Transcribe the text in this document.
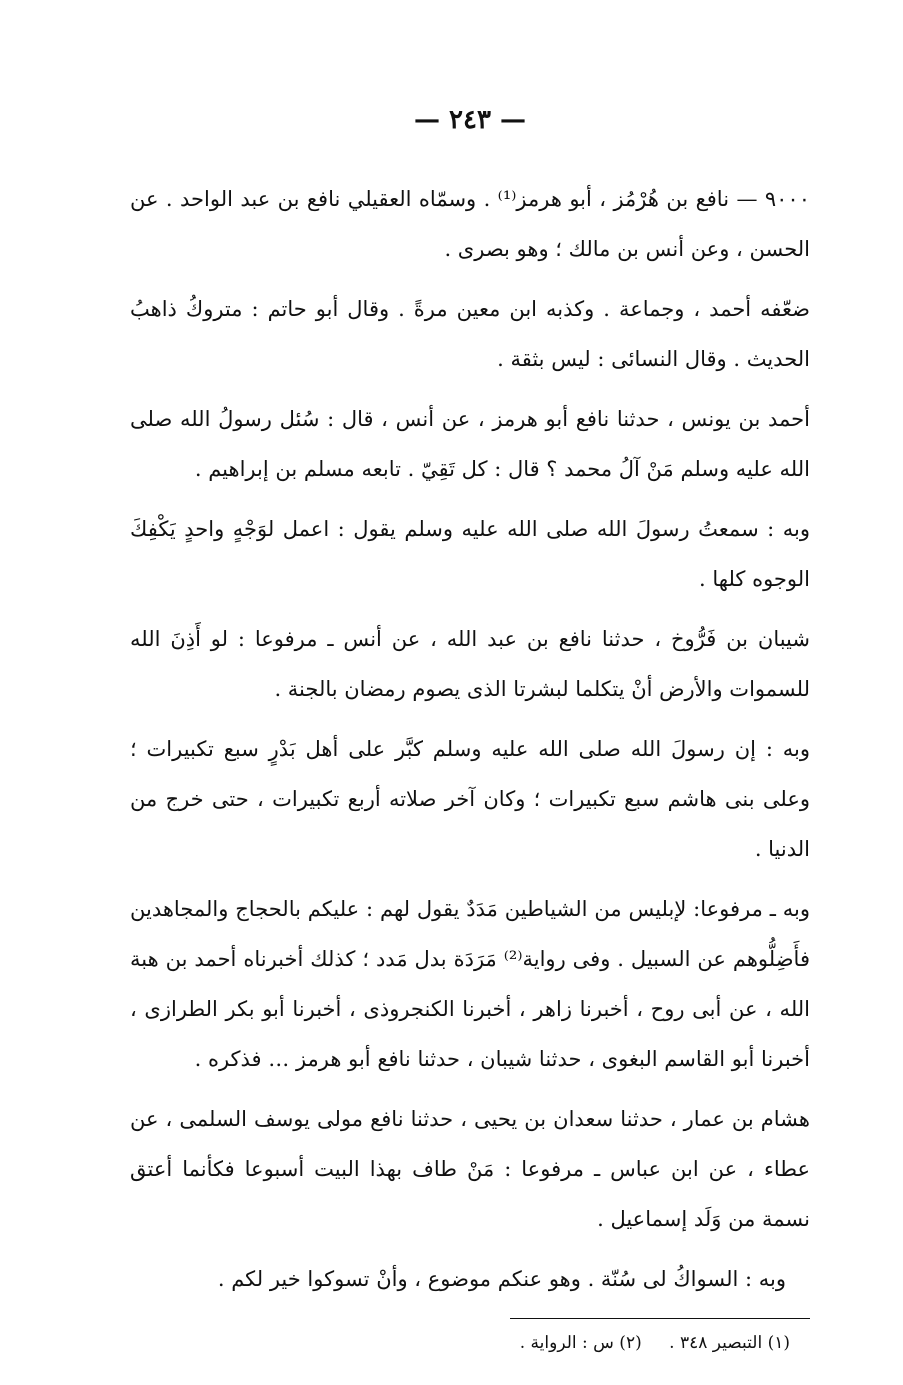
— ٢٤٣ —

٩٠٠٠ — نافع بن هُرْمُز ، أبو هرمز⁽¹⁾ . وسمّاه العقيلي نافع بن عبد الواحد . عن الحسن ، وعن أنس بن مالك ؛ وهو بصرى .

ضعّفه أحمد ، وجماعة . وكذبه ابن معين مرةً . وقال أبو حاتم : متروكُ ذاهبُ الحديث . وقال النسائى : ليس بثقة .

أحمد بن يونس ، حدثنا نافع أبو هرمز ، عن أنس ، قال : سُئل رسولُ الله صلى الله عليه وسلم مَنْ آلُ محمد ؟ قال : كل تَقِيّ . تابعه مسلم بن إبراهيم .

وبه : سمعتُ رسولَ الله صلى الله عليه وسلم يقول : اعمل لوَجْهٍ واحدٍ يَكْفِكَ الوجوه كلها .

شيبان بن فَرُّوخ ، حدثنا نافع بن عبد الله ، عن أنس ـ مرفوعا : لو أَذِنَ الله للسموات والأرض أنْ يتكلما لبشرتا الذى يصوم رمضان بالجنة .

وبه : إن رسولَ الله صلى الله عليه وسلم كبَّر على أهل بَدْرٍ سبع تكبيرات ؛ وعلى بنى هاشم سبع تكبيرات ؛ وكان آخر صلاته أربع تكبيرات ، حتى خرج من الدنيا .

وبه ـ مرفوعا: لإبليس من الشياطين مَدَدٌ يقول لهم : عليكم بالحجاج والمجاهدين فأَضِلُّوهم عن السبيل . وفى رواية⁽²⁾ مَرَدَة بدل مَدد ؛ كذلك أخبرناه أحمد بن هبة الله ، عن أبى روح ، أخبرنا زاهر ، أخبرنا الكنجروذى ، أخبرنا أبو بكر الطرازى ، أخبرنا أبو القاسم البغوى ، حدثنا شيبان ، حدثنا نافع أبو هرمز … فذكره .

هشام بن عمار ، حدثنا سعدان بن يحيى ، حدثنا نافع مولى يوسف السلمى ، عن عطاء ، عن ابن عباس ـ مرفوعا : مَنْ طاف بهذا البيت أسبوعا فكأنما أعتق نسمة من وَلَد إسماعيل .

وبه : السواكُ لى سُنّة . وهو عنكم موضوع ، وأنْ تسوكوا خير لكم .

(١) التبصير ٣٤٨ . (٢) س : الرواية .
